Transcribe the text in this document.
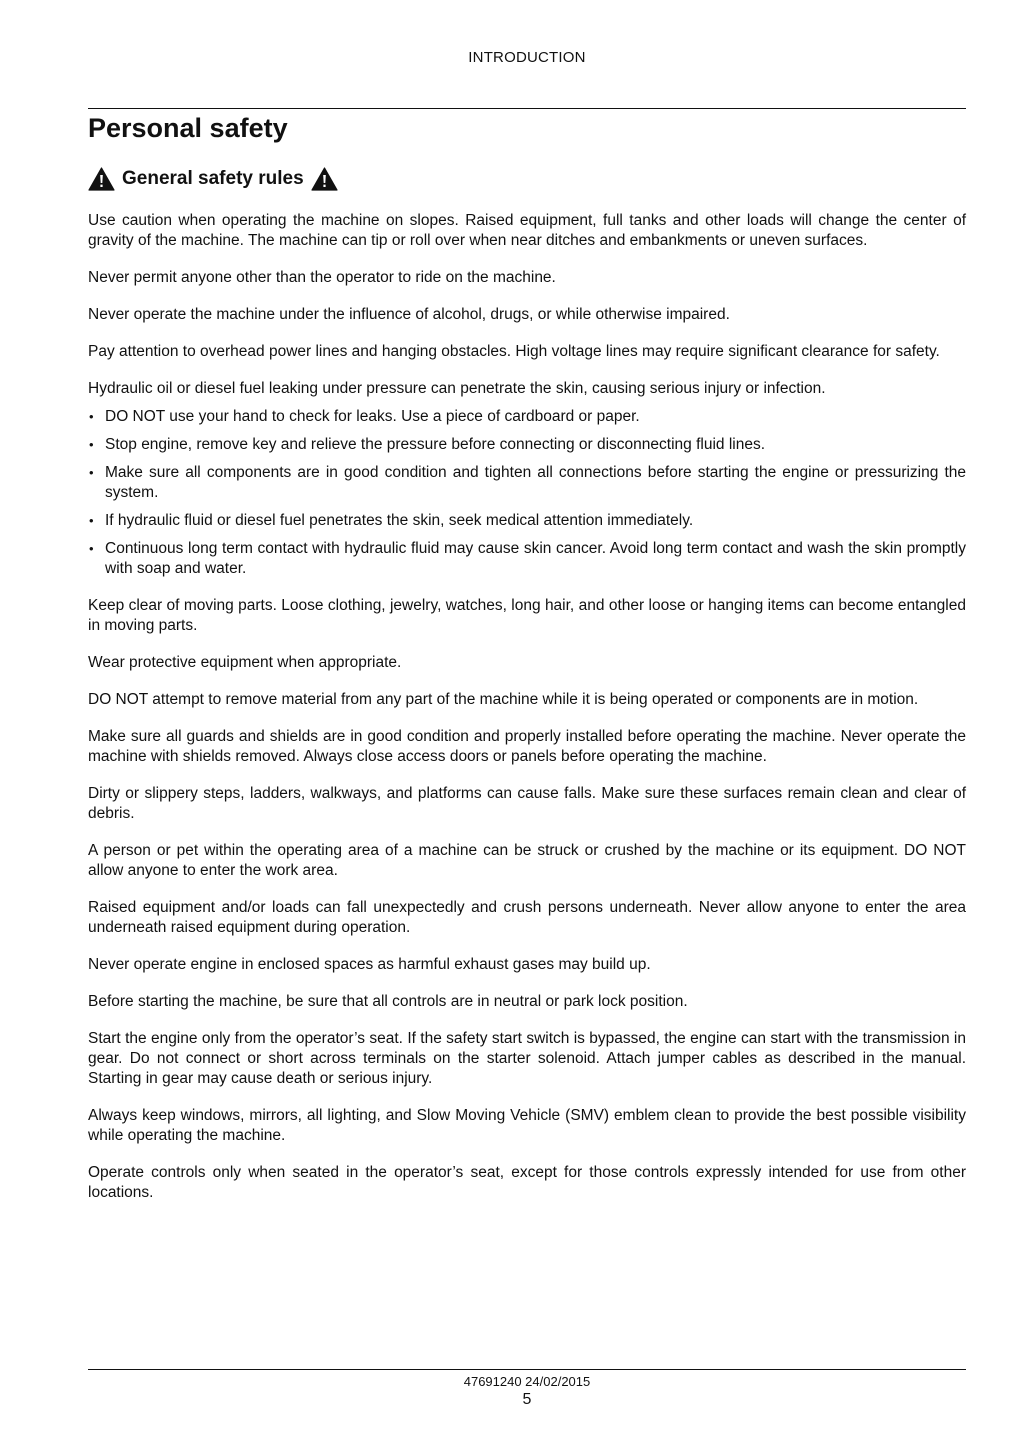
INTRODUCTION
Personal safety
General safety rules

Use caution when operating the machine on slopes. Raised equipment, full tanks and other loads will change the center of gravity of the machine. The machine can tip or roll over when near ditches and embankments or uneven surfaces.

Never permit anyone other than the operator to ride on the machine.

Never operate the machine under the influence of alcohol, drugs, or while otherwise impaired.

Pay attention to overhead power lines and hanging obstacles. High voltage lines may require significant clearance for safety.

Hydraulic oil or diesel fuel leaking under pressure can penetrate the skin, causing serious injury or infection.

• DO NOT use your hand to check for leaks. Use a piece of cardboard or paper.
• Stop engine, remove key and relieve the pressure before connecting or disconnecting fluid lines.
• Make sure all components are in good condition and tighten all connections before starting the engine or pressurizing the system.
• If hydraulic fluid or diesel fuel penetrates the skin, seek medical attention immediately.
• Continuous long term contact with hydraulic fluid may cause skin cancer. Avoid long term contact and wash the skin promptly with soap and water.

Keep clear of moving parts. Loose clothing, jewelry, watches, long hair, and other loose or hanging items can become entangled in moving parts.

Wear protective equipment when appropriate.

DO NOT attempt to remove material from any part of the machine while it is being operated or components are in motion.

Make sure all guards and shields are in good condition and properly installed before operating the machine. Never operate the machine with shields removed. Always close access doors or panels before operating the machine.

Dirty or slippery steps, ladders, walkways, and platforms can cause falls. Make sure these surfaces remain clean and clear of debris.

A person or pet within the operating area of a machine can be struck or crushed by the machine or its equipment. DO NOT allow anyone to enter the work area.

Raised equipment and/or loads can fall unexpectedly and crush persons underneath. Never allow anyone to enter the area underneath raised equipment during operation.

Never operate engine in enclosed spaces as harmful exhaust gases may build up.

Before starting the machine, be sure that all controls are in neutral or park lock position.

Start the engine only from the operator’s seat. If the safety start switch is bypassed, the engine can start with the transmission in gear. Do not connect or short across terminals on the starter solenoid. Attach jumper cables as described in the manual. Starting in gear may cause death or serious injury.

Always keep windows, mirrors, all lighting, and Slow Moving Vehicle (SMV) emblem clean to provide the best possible visibility while operating the machine.

Operate controls only when seated in the operator’s seat, except for those controls expressly intended for use from other locations.

47691240 24/02/2015
5
